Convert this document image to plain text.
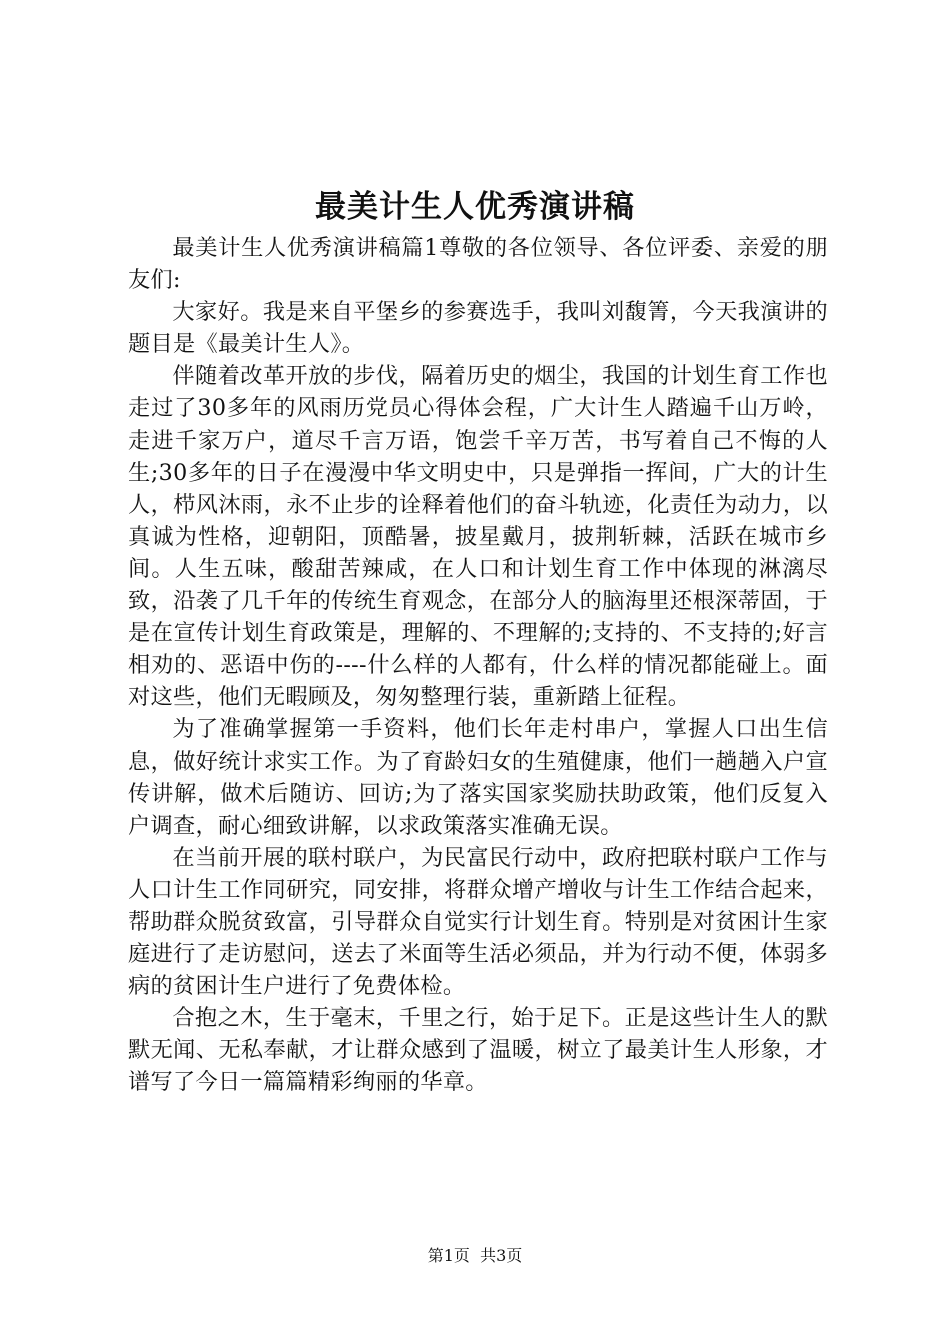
最美计生人优秀演讲稿

最美计生人优秀演讲稿篇1尊敬的各位领导、各位评委、亲爱的朋友们:

大家好。我是来自平堡乡的参赛选手，我叫刘馥箐，今天我演讲的题目是《最美计生人》。

伴随着改革开放的步伐，隔着历史的烟尘，我国的计划生育工作也走过了30多年的风雨历党员心得体会程，广大计生人踏遍千山万岭，走进千家万户，道尽千言万语，饱尝千辛万苦，书写着自己不悔的人生;30多年的日子在漫漫中华文明史中，只是弹指一挥间，广大的计生人，栉风沐雨，永不止步的诠释着他们的奋斗轨迹，化责任为动力，以真诚为性格，迎朝阳，顶酷暑，披星戴月，披荆斩棘，活跃在城市乡间。人生五味，酸甜苦辣咸，在人口和计划生育工作中体现的淋漓尽致，沿袭了几千年的传统生育观念，在部分人的脑海里还根深蒂固，于是在宣传计划生育政策是，理解的、不理解的;支持的、不支持的;好言相劝的、恶语中伤的----什么样的人都有，什么样的情况都能碰上。面对这些，他们无暇顾及，匆匆整理行装，重新踏上征程。

为了准确掌握第一手资料，他们长年走村串户，掌握人口出生信息，做好统计求实工作。为了育龄妇女的生殖健康，他们一趟趟入户宣传讲解，做术后随访、回访;为了落实国家奖励扶助政策，他们反复入户调查，耐心细致讲解，以求政策落实准确无误。

在当前开展的联村联户，为民富民行动中，政府把联村联户工作与人口计生工作同研究，同安排，将群众增产增收与计生工作结合起来，帮助群众脱贫致富，引导群众自觉实行计划生育。特别是对贫困计生家庭进行了走访慰问，送去了米面等生活必须品，并为行动不便，体弱多病的贫困计生户进行了免费体检。

合抱之木，生于毫末，千里之行，始于足下。正是这些计生人的默默无闻、无私奉献，才让群众感到了温暖，树立了最美计生人形象，才谱写了今日一篇篇精彩绚丽的华章。

第1页  共3页
